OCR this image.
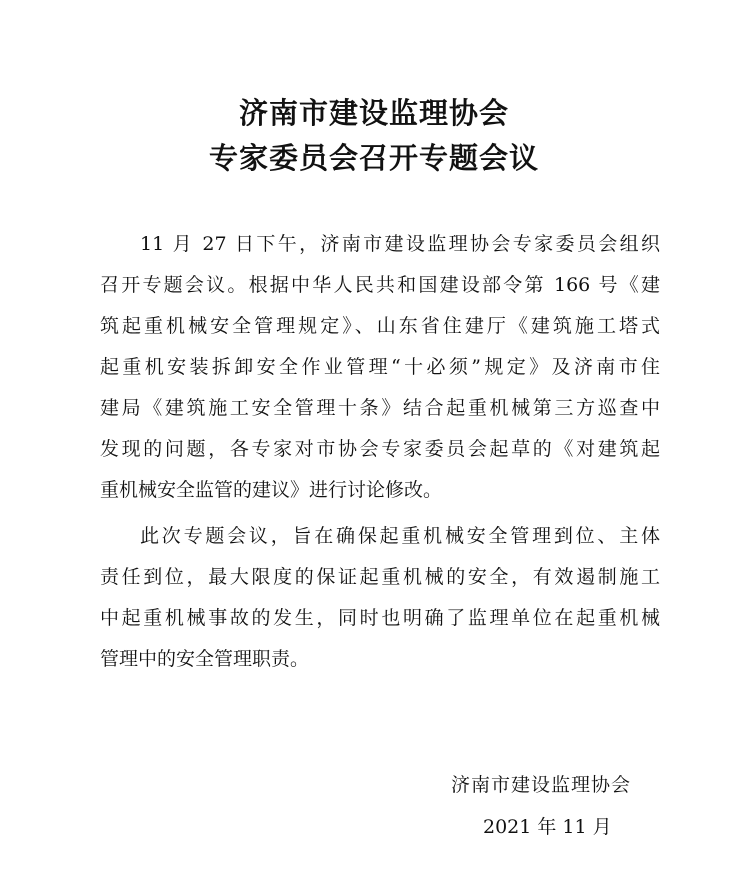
济南市建设监理协会
专家委员会召开专题会议
11 月 27 日下午，济南市建设监理协会专家委员会组织
召开专题会议。根据中华人民共和国建设部令第 166 号《建
筑起重机械安全管理规定》、山东省住建厅《建筑施工塔式
起重机安装拆卸安全作业管理“十必须”规定》及济南市住
建局《建筑施工安全管理十条》结合起重机械第三方巡查中
发现的问题，各专家对市协会专家委员会起草的《对建筑起
重机械安全监管的建议》进行讨论修改。
此次专题会议，旨在确保起重机械安全管理到位、主体
责任到位，最大限度的保证起重机械的安全，有效遏制施工
中起重机械事故的发生，同时也明确了监理单位在起重机械
管理中的安全管理职责。
济南市建设监理协会
2021 年 11 月
